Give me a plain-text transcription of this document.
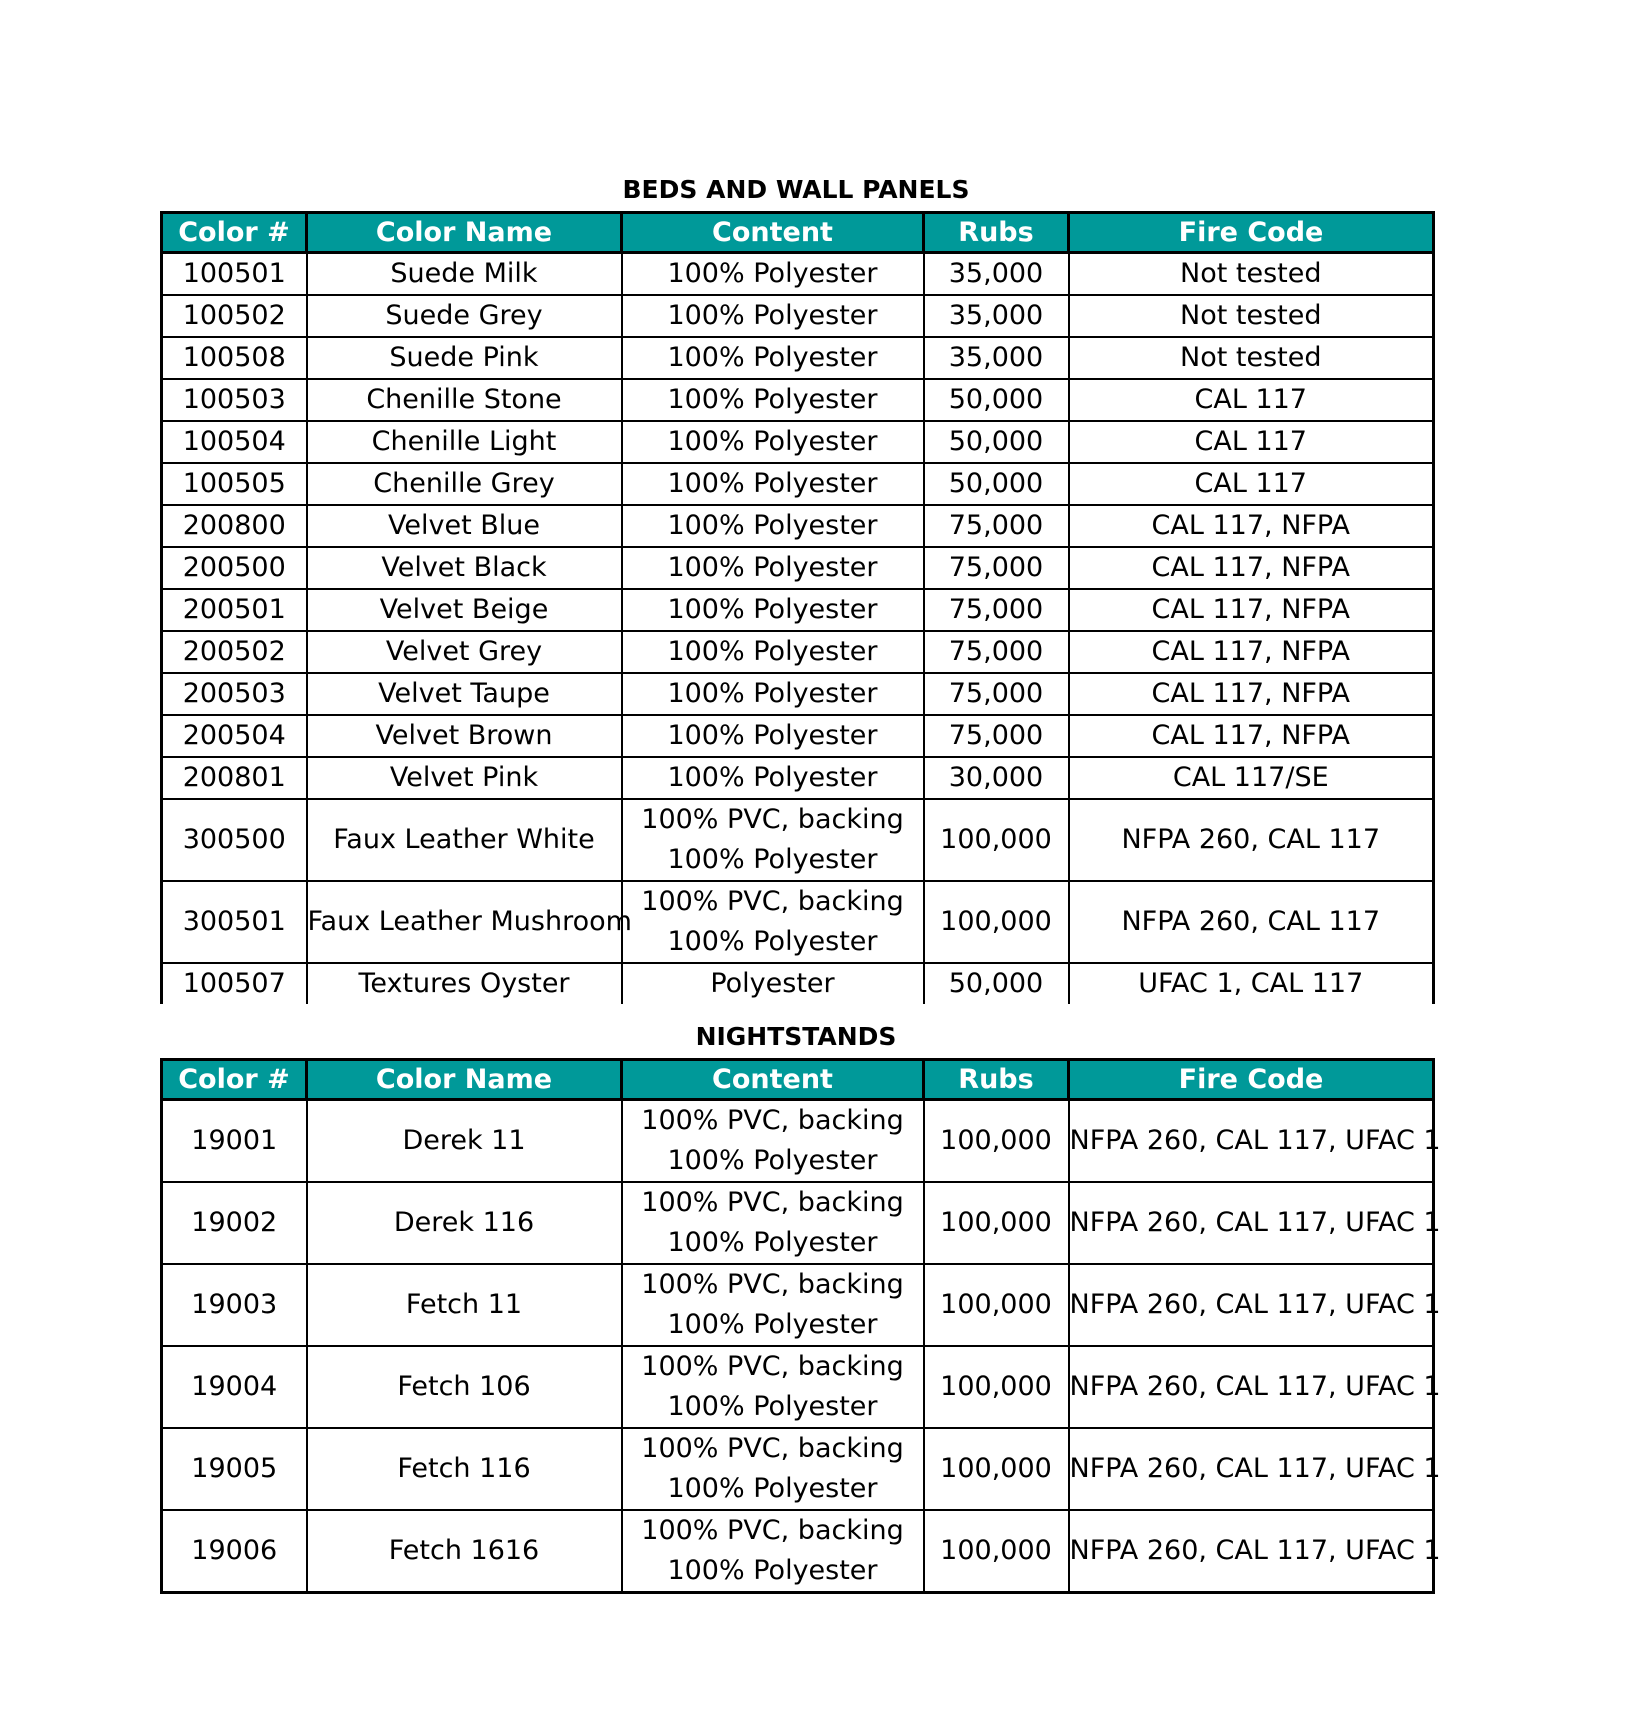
BEDS AND WALL PANELS
Color #	Color Name	Content	Rubs	Fire Code
100501	Suede Milk	100% Polyester	35,000	Not tested
100502	Suede Grey	100% Polyester	35,000	Not tested
100508	Suede Pink	100% Polyester	35,000	Not tested
100503	Chenille Stone	100% Polyester	50,000	CAL 117
100504	Chenille Light	100% Polyester	50,000	CAL 117
100505	Chenille Grey	100% Polyester	50,000	CAL 117
200800	Velvet Blue	100% Polyester	75,000	CAL 117, NFPA
200500	Velvet Black	100% Polyester	75,000	CAL 117, NFPA
200501	Velvet Beige	100% Polyester	75,000	CAL 117, NFPA
200502	Velvet Grey	100% Polyester	75,000	CAL 117, NFPA
200503	Velvet Taupe	100% Polyester	75,000	CAL 117, NFPA
200504	Velvet Brown	100% Polyester	75,000	CAL 117, NFPA
200801	Velvet Pink	100% Polyester	30,000	CAL 117/SE
300500	Faux Leather White	100% PVC, backing
100% Polyester	100,000	NFPA 260, CAL 117
300501	Faux Leather Mushroom	100% PVC, backing
100% Polyester	100,000	NFPA 260, CAL 117
100507	Textures Oyster	Polyester	50,000	UFAC 1, CAL 117
NIGHTSTANDS
Color #	Color Name	Content	Rubs	Fire Code
19001	Derek 11	100% PVC, backing
100% Polyester	100,000	NFPA 260, CAL 117, UFAC 1
19002	Derek 116	100% PVC, backing
100% Polyester	100,000	NFPA 260, CAL 117, UFAC 1
19003	Fetch 11	100% PVC, backing
100% Polyester	100,000	NFPA 260, CAL 117, UFAC 1
19004	Fetch 106	100% PVC, backing
100% Polyester	100,000	NFPA 260, CAL 117, UFAC 1
19005	Fetch 116	100% PVC, backing
100% Polyester	100,000	NFPA 260, CAL 117, UFAC 1
19006	Fetch 1616	100% PVC, backing
100% Polyester	100,000	NFPA 260, CAL 117, UFAC 1
